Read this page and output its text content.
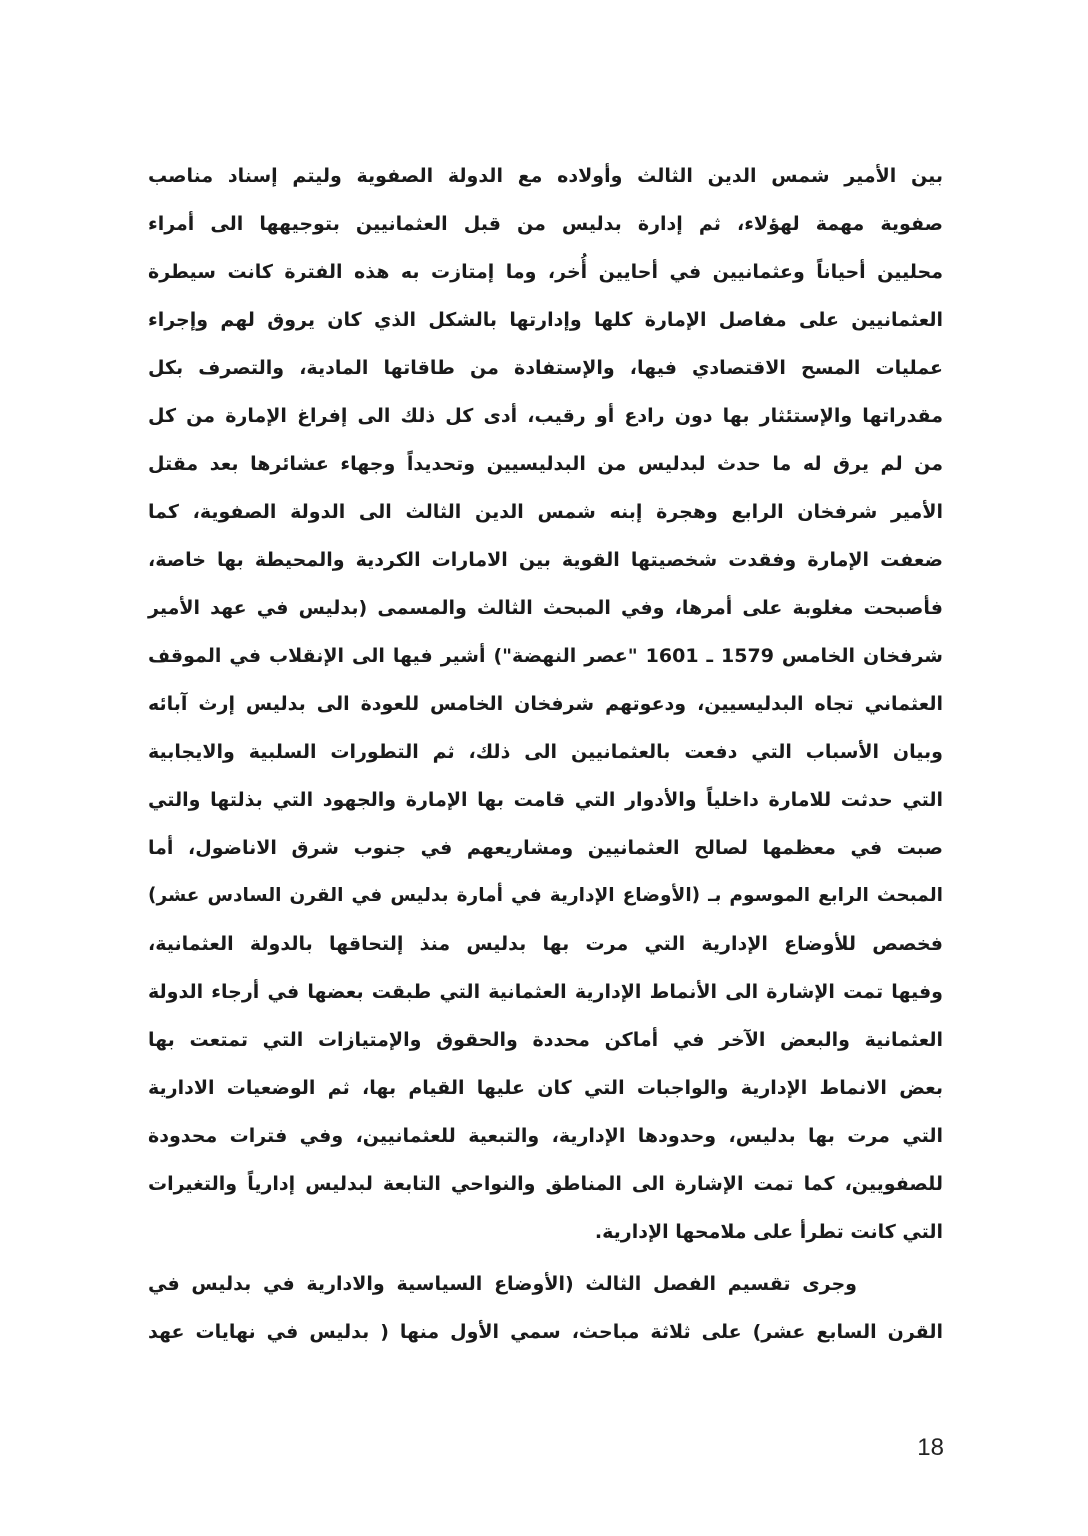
بين الأمير شمس الدين الثالث وأولاده مع الدولة الصفوية وليتم إسناد مناصب
صفوية مهمة لهؤلاء، ثم إدارة بدليس من قبل العثمانيين بتوجيهها الى أمراء
محليين أحياناً وعثمانيين في أحايين أُخر، وما إمتازت به هذه الفترة كانت سيطرة
العثمانيين على مفاصل الإمارة كلها وإدارتها بالشكل الذي كان يروق لهم وإجراء
عمليات المسح الاقتصادي فيها، والإستفادة من طاقاتها المادية، والتصرف بكل
مقدراتها والإستئثار بها دون رادع أو رقيب، أدى كل ذلك الى إفراغ الإمارة من كل
من لم يرق له ما حدث لبدليس من البدليسيين وتحديداً وجهاء عشائرها بعد مقتل
الأمير شرفخان الرابع وهجرة إبنه شمس الدين الثالث الى الدولة الصفوية، كما
ضعفت الإمارة وفقدت شخصيتها القوية بين الامارات الكردية والمحيطة بها خاصة،
فأصبحت مغلوبة على أمرها، وفي المبحث الثالث والمسمى (بدليس في عهد الأمير
شرفخان الخامس 1579 ـ 1601 "عصر النهضة") أشير فيها الى الإنقلاب في الموقف
العثماني تجاه البدليسيين، ودعوتهم شرفخان الخامس للعودة الى بدليس إرث آبائه
وبيان الأسباب التي دفعت بالعثمانيين الى ذلك، ثم التطورات السلبية والايجابية
التي حدثت للامارة داخلياً والأدوار التي قامت بها الإمارة والجهود التي بذلتها والتي
صبت في معظمها لصالح العثمانيين ومشاريعهم في جنوب شرق الاناضول، أما
المبحث الرابع الموسوم بـ (الأوضاع الإدارية في أمارة بدليس في القرن السادس عشر)
فخصص للأوضاع الإدارية التي مرت بها بدليس منذ إلتحاقها بالدولة العثمانية،
وفيها تمت الإشارة الى الأنماط الإدارية العثمانية التي طبقت بعضها في أرجاء الدولة
العثمانية والبعض الآخر في أماكن محددة والحقوق والإمتيازات التي تمتعت بها
بعض الانماط الإدارية والواجبات التي كان عليها القيام بها، ثم الوضعيات الادارية
التي مرت بها بدليس، وحدودها الإدارية، والتبعية للعثمانيين، وفي فترات محدودة
للصفويين، كما تمت الإشارة الى المناطق والنواحي التابعة لبدليس إدارياً والتغيرات
التي كانت تطرأ على ملامحها الإدارية.
وجرى تقسيم الفصل الثالث (الأوضاع السياسية والادارية في بدليس في
القرن السابع عشر) على ثلاثة مباحث، سمي الأول منها ( بدليس في نهايات عهد
18
